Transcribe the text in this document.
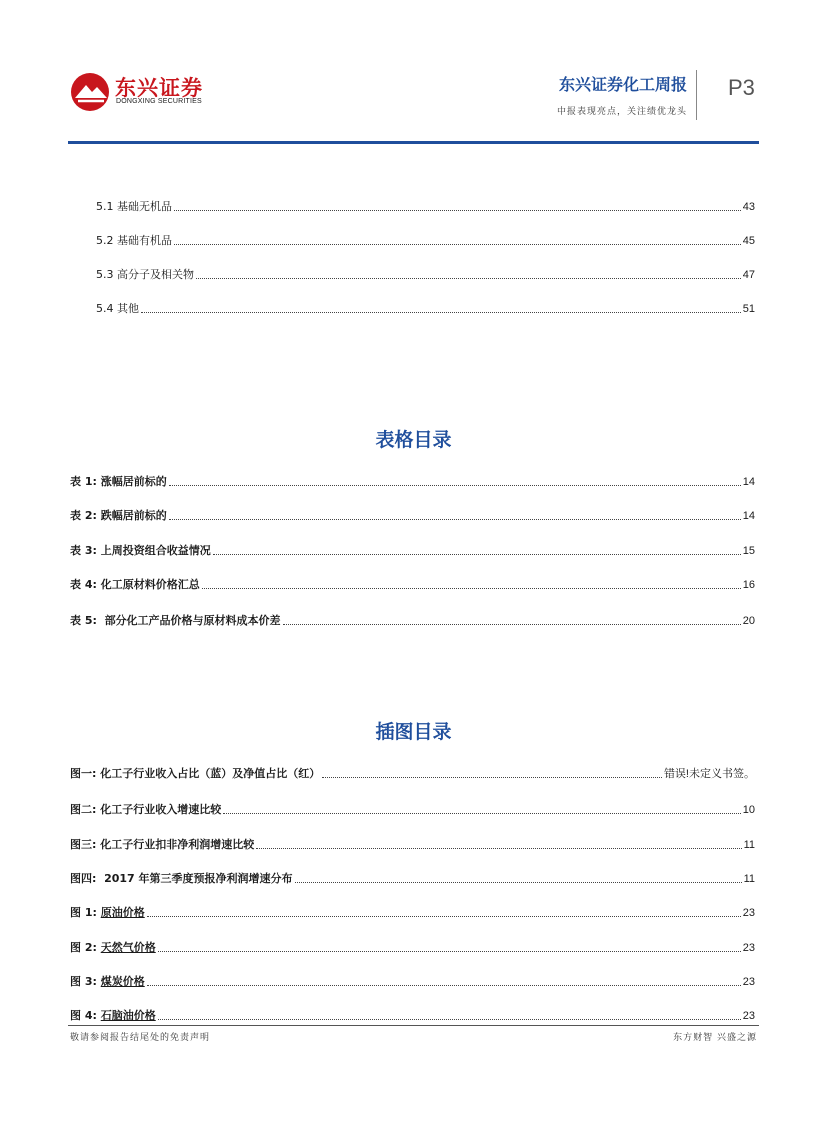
东兴证券
DONGXING SECURITIES
东兴证券化工周报
中报表现亮点，关注绩优龙头
P3
5.1 基础无机品	43
5.2 基础有机品	45
5.3 高分子及相关物	47
5.4 其他	51
表格目录
表 1: 涨幅居前标的	14
表 2: 跌幅居前标的	14
表 3: 上周投资组合收益情况	15
表 4: 化工原材料价格汇总	16
表 5: 部分化工产品价格与原材料成本价差	20
插图目录
图一: 化工子行业收入占比（蓝）及净值占比（红）	错误!未定义书签。
图二: 化工子行业收入增速比较	10
图三: 化工子行业扣非净利润增速比较	11
图四: 2017 年第三季度预报净利润增速分布	11
图 1: 原油价格	23
图 2: 天然气价格	23
图 3: 煤炭价格	23
图 4: 石脑油价格	23
敬请参阅报告结尾处的免责声明	东方财智 兴盛之源
